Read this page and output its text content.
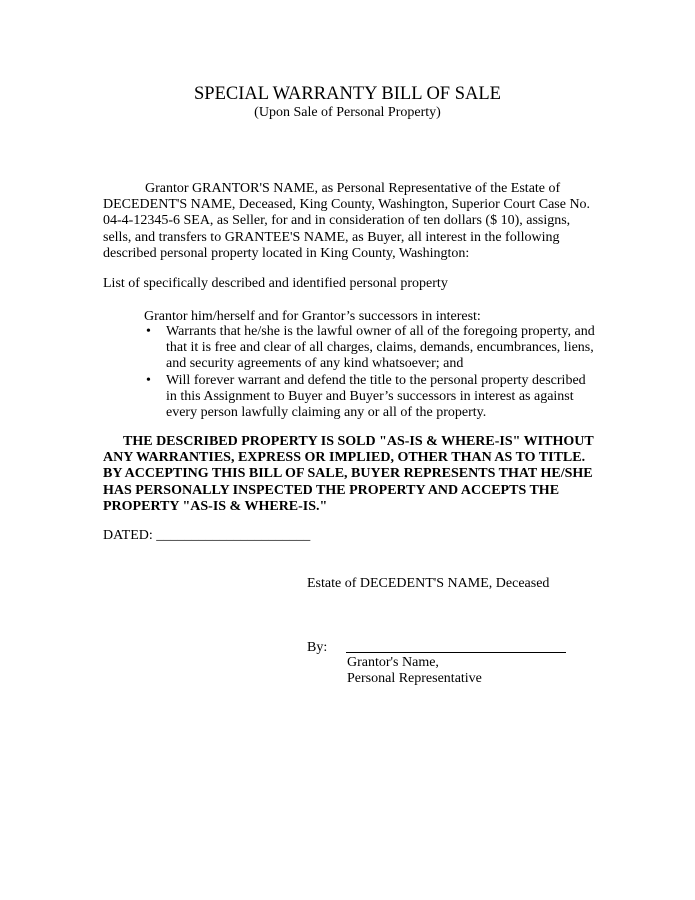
SPECIAL WARRANTY BILL OF SALE
(Upon Sale of Personal Property)
Grantor GRANTOR'S NAME, as Personal Representative of the Estate of DECEDENT'S NAME, Deceased, King County, Washington, Superior Court Case No. 04-4-12345-6 SEA, as Seller, for and in consideration of ten dollars ($ 10), assigns, sells, and transfers to GRANTEE'S NAME, as Buyer, all interest in the following described personal property located in King County, Washington:
List of specifically described and identified personal property
Grantor him/herself and for Grantor’s successors in interest:
• Warrants that he/she is the lawful owner of all of the foregoing property, and that it is free and clear of all charges, claims, demands, encumbrances, liens, and security agreements of any kind whatsoever; and
• Will forever warrant and defend the title to the personal property described in this Assignment to Buyer and Buyer’s successors in interest as against every person lawfully claiming any or all of the property.
THE DESCRIBED PROPERTY IS SOLD "AS-IS & WHERE-IS" WITHOUT ANY WARRANTIES, EXPRESS OR IMPLIED, OTHER THAN AS TO TITLE. BY ACCEPTING THIS BILL OF SALE, BUYER REPRESENTS THAT HE/SHE HAS PERSONALLY INSPECTED THE PROPERTY AND ACCEPTS THE PROPERTY "AS-IS & WHERE-IS."
DATED: ______________________
Estate of DECEDENT'S NAME, Deceased
By:
Grantor's Name,
Personal Representative
